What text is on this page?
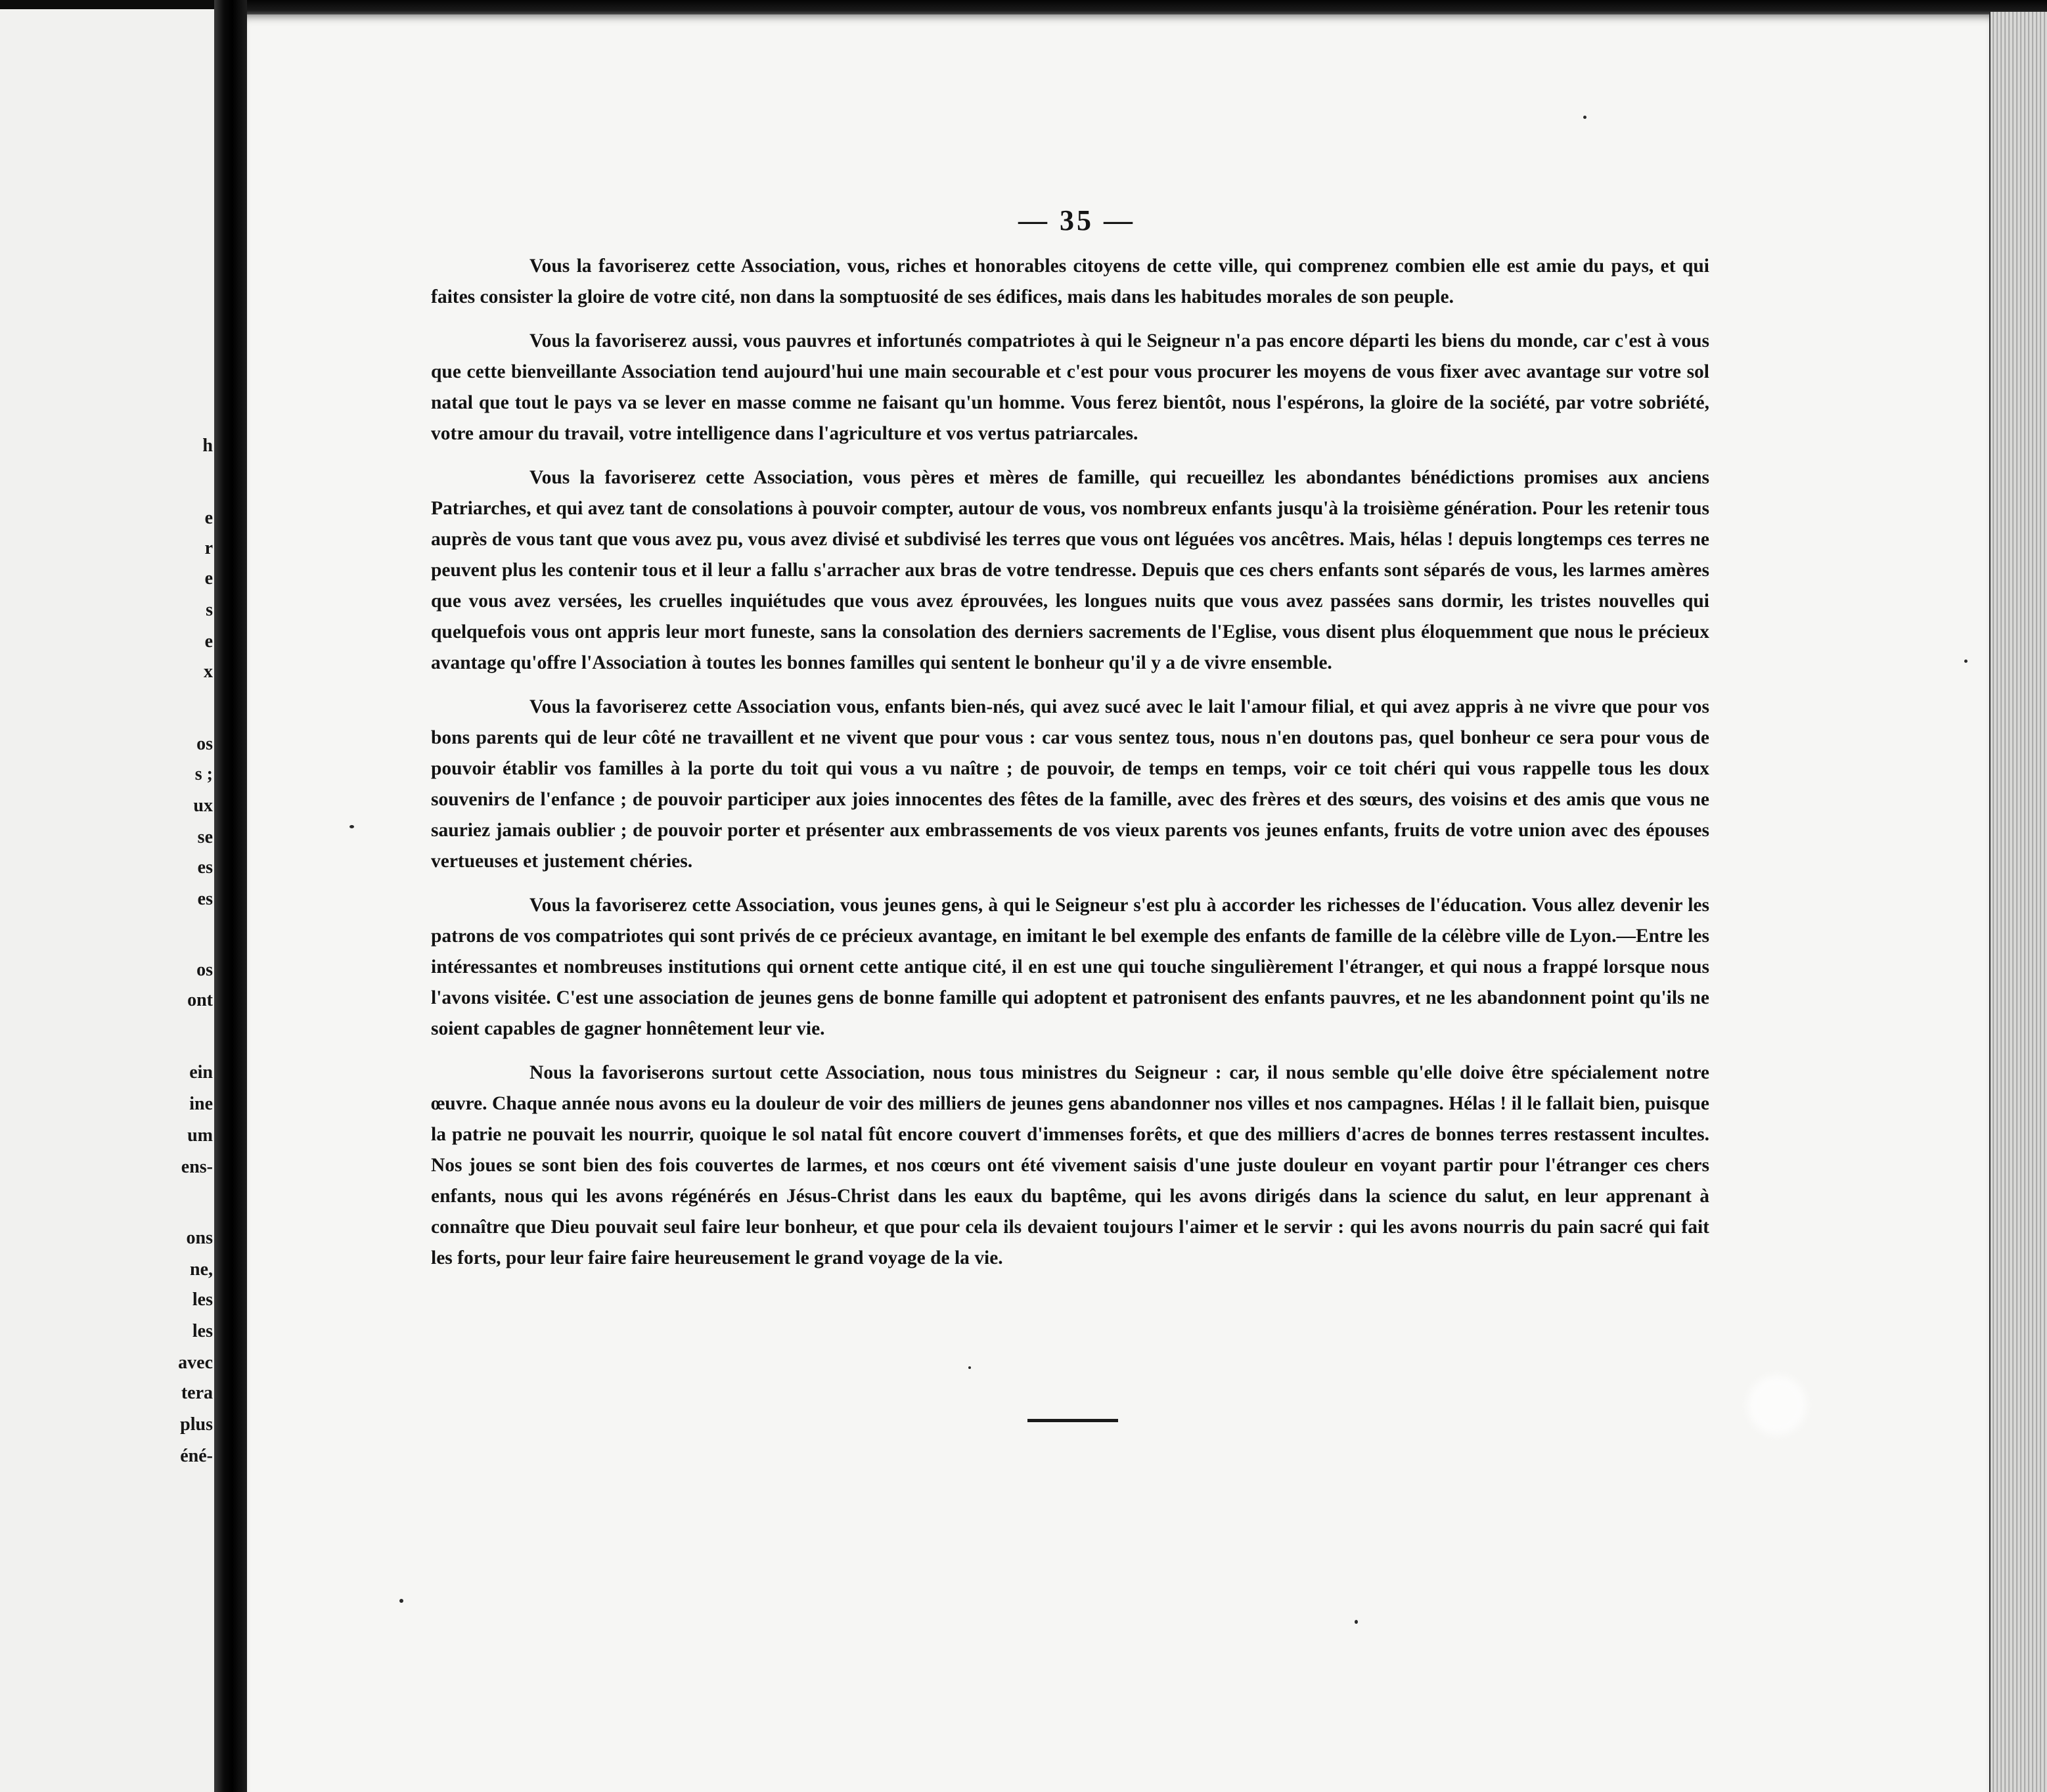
h

e

r

e

s

e

x

os

s ;

ux

se

es

es

os

ont

ein

ine

um

ens-

ons

ne,

les

les

avec

tera

plus

éné-

— 35 —

Vous la favoriserez cette Association, vous, riches et honorables citoyens de cette ville, qui comprenez combien elle est amie du pays, et qui faites consister la gloire de votre cité, non dans la somptuosité de ses édifices, mais dans les habitudes morales de son peuple.

Vous la favoriserez aussi, vous pauvres et infortunés compatriotes à qui le Seigneur n'a pas encore départi les biens du monde, car c'est à vous que cette bienveillante Association tend aujourd'hui une main secourable et c'est pour vous procurer les moyens de vous fixer avec avantage sur votre sol natal que tout le pays va se lever en masse comme ne faisant qu'un homme. Vous ferez bientôt, nous l'espérons, la gloire de la société, par votre sobriété, votre amour du travail, votre intelligence dans l'agriculture et vos vertus patriarcales.

Vous la favoriserez cette Association, vous pères et mères de famille, qui recueillez les abondantes bénédictions promises aux anciens Patriarches, et qui avez tant de consolations à pouvoir compter, autour de vous, vos nombreux enfants jusqu'à la troisième génération. Pour les retenir tous auprès de vous tant que vous avez pu, vous avez divisé et subdivisé les terres que vous ont léguées vos ancêtres. Mais, hélas ! depuis longtemps ces terres ne peuvent plus les contenir tous et il leur a fallu s'arracher aux bras de votre tendresse. Depuis que ces chers enfants sont séparés de vous, les larmes amères que vous avez versées, les cruelles inquiétudes que vous avez éprouvées, les longues nuits que vous avez passées sans dormir, les tristes nouvelles qui quelquefois vous ont appris leur mort funeste, sans la consolation des derniers sacrements de l'Eglise, vous disent plus éloquemment que nous le précieux avantage qu'offre l'Association à toutes les bonnes familles qui sentent le bonheur qu'il y a de vivre ensemble.

Vous la favoriserez cette Association vous, enfants bien-nés, qui avez sucé avec le lait l'amour filial, et qui avez appris à ne vivre que pour vos bons parents qui de leur côté ne travaillent et ne vivent que pour vous : car vous sentez tous, nous n'en doutons pas, quel bonheur ce sera pour vous de pouvoir établir vos familles à la porte du toit qui vous a vu naître ; de pouvoir, de temps en temps, voir ce toit chéri qui vous rappelle tous les doux souvenirs de l'enfance ; de pouvoir participer aux joies innocentes des fêtes de la famille, avec des frères et des sœurs, des voisins et des amis que vous ne sauriez jamais oublier ; de pouvoir porter et présenter aux embrassements de vos vieux parents vos jeunes enfants, fruits de votre union avec des épouses vertueuses et justement chéries.

Vous la favoriserez cette Association, vous jeunes gens, à qui le Seigneur s'est plu à accorder les richesses de l'éducation. Vous allez devenir les patrons de vos compatriotes qui sont privés de ce précieux avantage, en imitant le bel exemple des enfants de famille de la célèbre ville de Lyon.—Entre les intéressantes et nombreuses institutions qui ornent cette antique cité, il en est une qui touche singulièrement l'étranger, et qui nous a frappé lorsque nous l'avons visitée. C'est une association de jeunes gens de bonne famille qui adoptent et patronisent des enfants pauvres, et ne les abandonnent point qu'ils ne soient capables de gagner honnêtement leur vie.

Nous la favoriserons surtout cette Association, nous tous ministres du Seigneur : car, il nous semble qu'elle doive être spécialement notre œuvre. Chaque année nous avons eu la douleur de voir des milliers de jeunes gens abandonner nos villes et nos campagnes. Hélas ! il le fallait bien, puisque la patrie ne pouvait les nourrir, quoique le sol natal fût encore couvert d'immenses forêts, et que des milliers d'acres de bonnes terres restassent incultes. Nos joues se sont bien des fois couvertes de larmes, et nos cœurs ont été vivement saisis d'une juste douleur en voyant partir pour l'étranger ces chers enfants, nous qui les avons régénérés en Jésus-Christ dans les eaux du baptême, qui les avons dirigés dans la science du salut, en leur apprenant à connaître que Dieu pouvait seul faire leur bonheur, et que pour cela ils devaient toujours l'aimer et le servir : qui les avons nourris du pain sacré qui fait les forts, pour leur faire faire heureusement le grand voyage de la vie.
